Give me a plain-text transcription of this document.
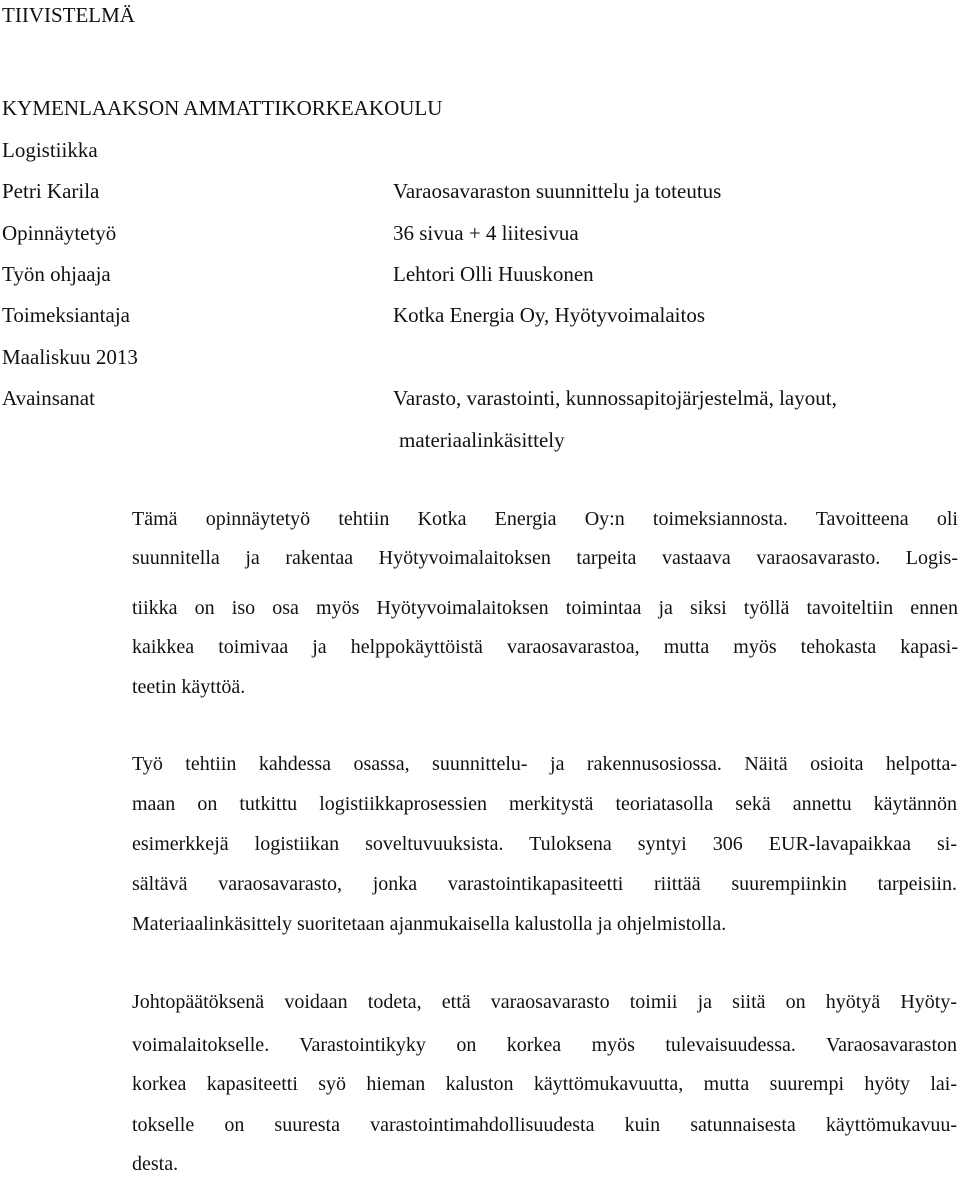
TIIVISTELMÄ

KYMENLAAKSON AMMATTIKORKEAKOULU

Logistiikka

Petri Karila	Varaosavaraston suunnittelu ja toteutus

Opinnäytetyö	36 sivua + 4 liitesivua

Työn ohjaaja	Lehtori Olli Huuskonen

Toimeksiantaja	Kotka Energia Oy, Hyötyvoimalaitos

Maaliskuu 2013

Avainsanat	Varasto, varastointi, kunnossapitojärjestelmä, layout,

materiaalinkäsittely

Tämä opinnäytetyö tehtiin Kotka Energia Oy:n toimeksiannosta. Tavoitteena oli

suunnitella ja rakentaa Hyötyvoimalaitoksen tarpeita vastaava varaosavarasto. Logis-

tiikka on iso osa myös Hyötyvoimalaitoksen toimintaa ja siksi työllä tavoiteltiin ennen

kaikkea toimivaa ja helppokäyttöistä varaosavarastoa, mutta myös tehokasta kapasi-

teetin käyttöä.

Työ tehtiin kahdessa osassa, suunnittelu- ja rakennusosiossa. Näitä osioita helpotta-

maan on tutkittu logistiikkaprosessien merkitystä teoriatasolla sekä annettu käytännön

esimerkkejä logistiikan soveltuvuuksista. Tuloksena syntyi 306 EUR-lavapaikkaa si-

sältävä varaosavarasto, jonka varastointikapasiteetti riittää suurempiinkin tarpeisiin.

Materiaalinkäsittely suoritetaan ajanmukaisella kalustolla ja ohjelmistolla.

Johtopäätöksenä voidaan todeta, että varaosavarasto toimii ja siitä on hyötyä Hyöty-

voimalaitokselle. Varastointikyky on korkea myös tulevaisuudessa. Varaosavaraston

korkea kapasiteetti syö hieman kaluston käyttömukavuutta, mutta suurempi hyöty lai-

tokselle on suuresta varastointimahdollisuudesta kuin satunnaisesta käyttömukavuu-

desta.
